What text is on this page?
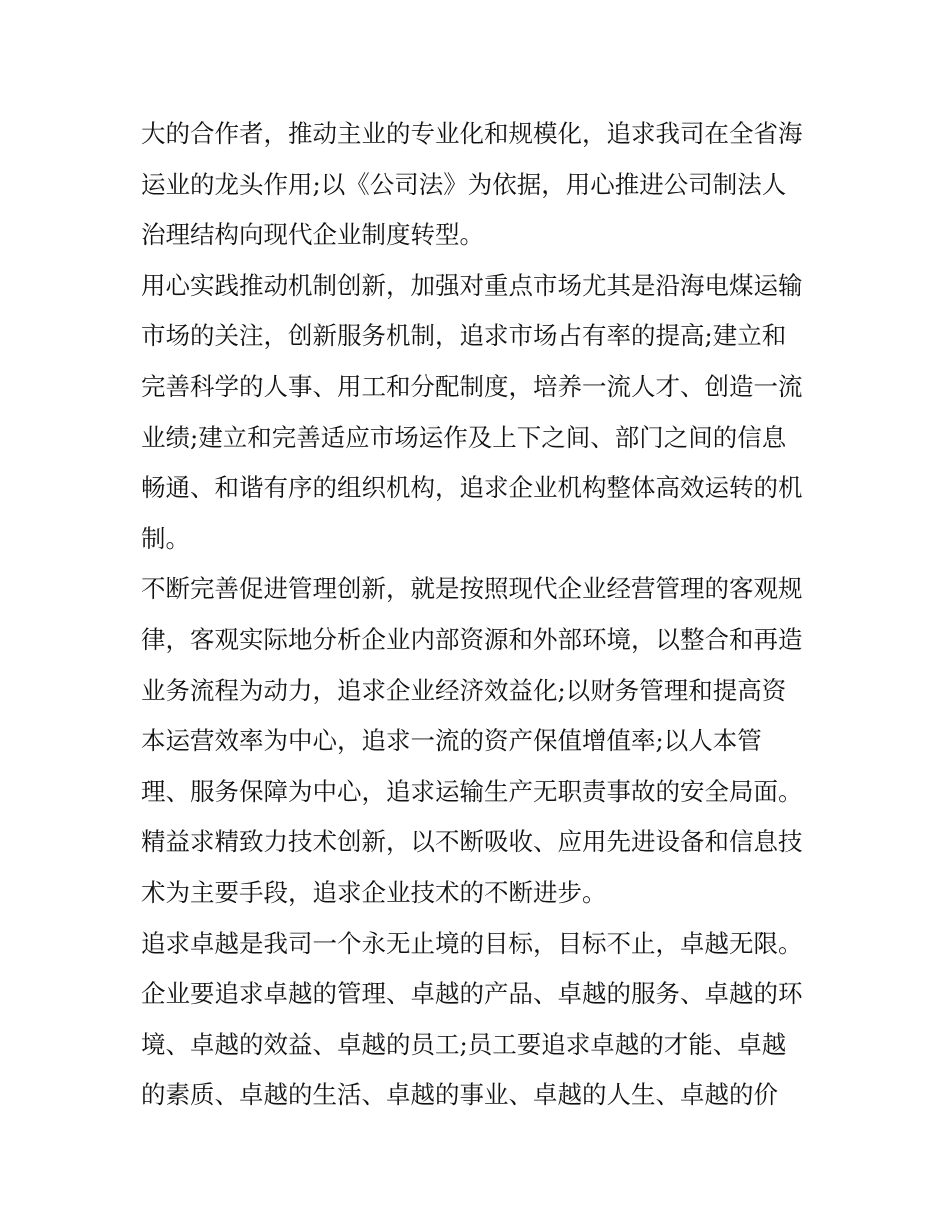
大的合作者，推动主业的专业化和规模化，追求我司在全省海
运业的龙头作用;以《公司法》为依据，用心推进公司制法人
治理结构向现代企业制度转型。
用心实践推动机制创新，加强对重点市场尤其是沿海电煤运输
市场的关注，创新服务机制，追求市场占有率的提高;建立和
完善科学的人事、用工和分配制度，培养一流人才、创造一流
业绩;建立和完善适应市场运作及上下之间、部门之间的信息
畅通、和谐有序的组织机构，追求企业机构整体高效运转的机
制。
不断完善促进管理创新，就是按照现代企业经营管理的客观规
律，客观实际地分析企业内部资源和外部环境，以整合和再造
业务流程为动力，追求企业经济效益化;以财务管理和提高资
本运营效率为中心，追求一流的资产保值增值率;以人本管
理、服务保障为中心，追求运输生产无职责事故的安全局面。
精益求精致力技术创新，以不断吸收、应用先进设备和信息技
术为主要手段，追求企业技术的不断进步。
追求卓越是我司一个永无止境的目标，目标不止，卓越无限。
企业要追求卓越的管理、卓越的产品、卓越的服务、卓越的环
境、卓越的效益、卓越的员工;员工要追求卓越的才能、卓越
的素质、卓越的生活、卓越的事业、卓越的人生、卓越的价
